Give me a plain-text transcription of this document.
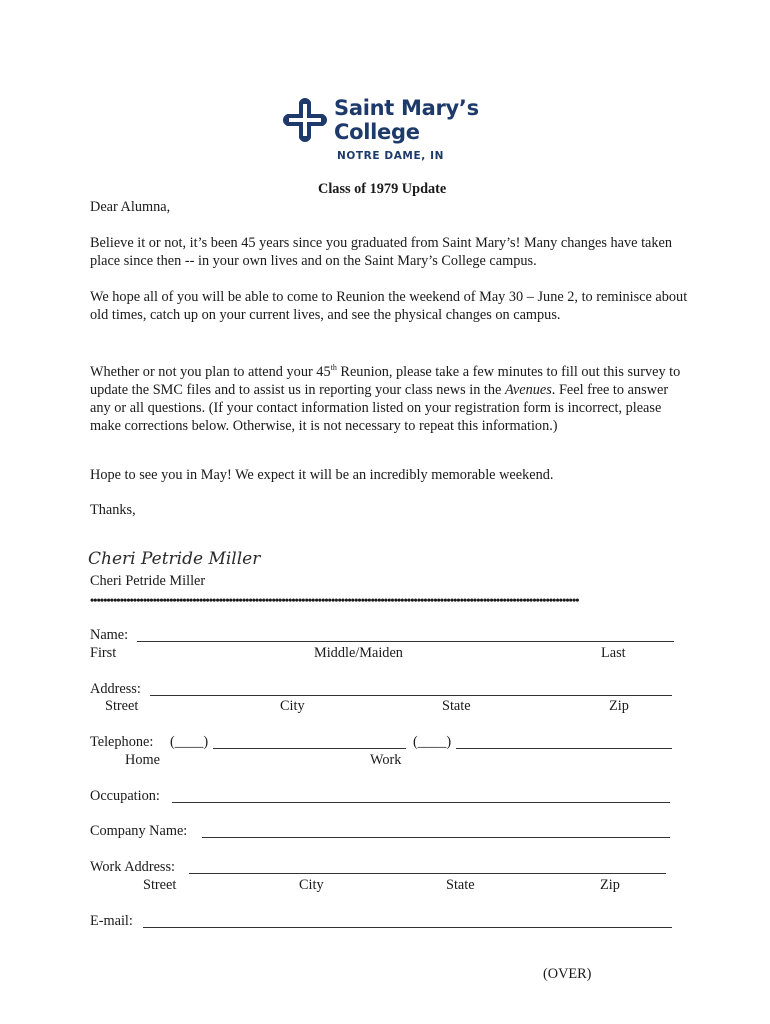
Saint Mary’s
College
NOTRE DAME, IN
Class of 1979 Update
Dear Alumna,
Believe it or not, it’s been 45 years since you graduated from Saint Mary’s! Many changes have taken place since then -- in your own lives and on the Saint Mary’s College campus.
We hope all of you will be able to come to Reunion the weekend of May 30 – June 2, to reminisce about old times, catch up on your current lives, and see the physical changes on campus.
Whether or not you plan to attend your 45th Reunion, please take a few minutes to fill out this survey to update the SMC files and to assist us in reporting your class news in the Avenues. Feel free to answer any or all questions. (If your contact information listed on your registration form is incorrect, please make corrections below. Otherwise, it is not necessary to repeat this information.)
Hope to see you in May! We expect it will be an incredibly memorable weekend.
Thanks,
Cheri Petride Miller
Cheri Petride Miller
••••••••••••••••••••••••••••••••••••••••••••••••••••••••••••••••••••••••••••••••••••••••••••••••••••••••••••••••••••••••••••••••••••••••••••••••••••
Name:
First	Middle/Maiden	Last
Address:
Street	City	State	Zip
Telephone: (____)	(____)
Home	Work
Occupation:
Company Name:
Work Address:
Street	City	State	Zip
E-mail:
(OVER)
